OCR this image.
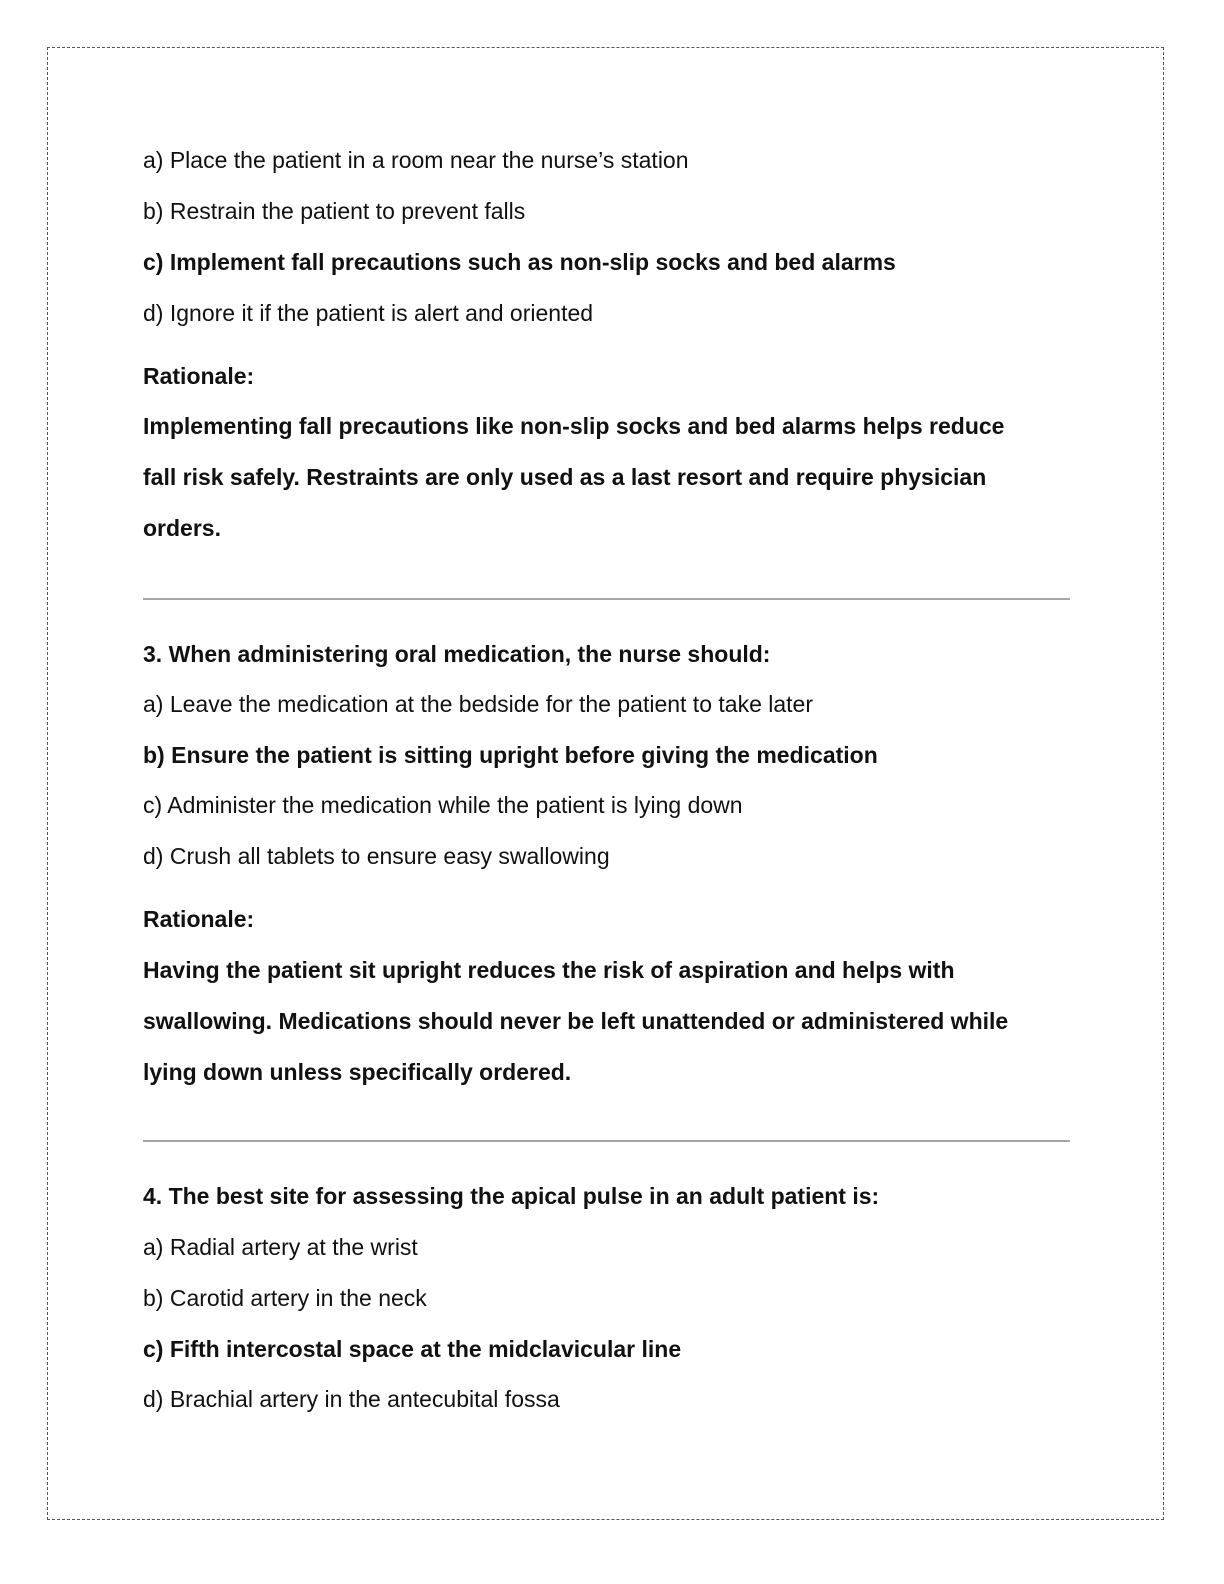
a) Place the patient in a room near the nurse’s station
b) Restrain the patient to prevent falls
c) Implement fall precautions such as non-slip socks and bed alarms
d) Ignore it if the patient is alert and oriented
Rationale:
Implementing fall precautions like non-slip socks and bed alarms helps reduce
fall risk safely. Restraints are only used as a last resort and require physician
orders.
3. When administering oral medication, the nurse should:
a) Leave the medication at the bedside for the patient to take later
b) Ensure the patient is sitting upright before giving the medication
c) Administer the medication while the patient is lying down
d) Crush all tablets to ensure easy swallowing
Rationale:
Having the patient sit upright reduces the risk of aspiration and helps with
swallowing. Medications should never be left unattended or administered while
lying down unless specifically ordered.
4. The best site for assessing the apical pulse in an adult patient is:
a) Radial artery at the wrist
b) Carotid artery in the neck
c) Fifth intercostal space at the midclavicular line
d) Brachial artery in the antecubital fossa
